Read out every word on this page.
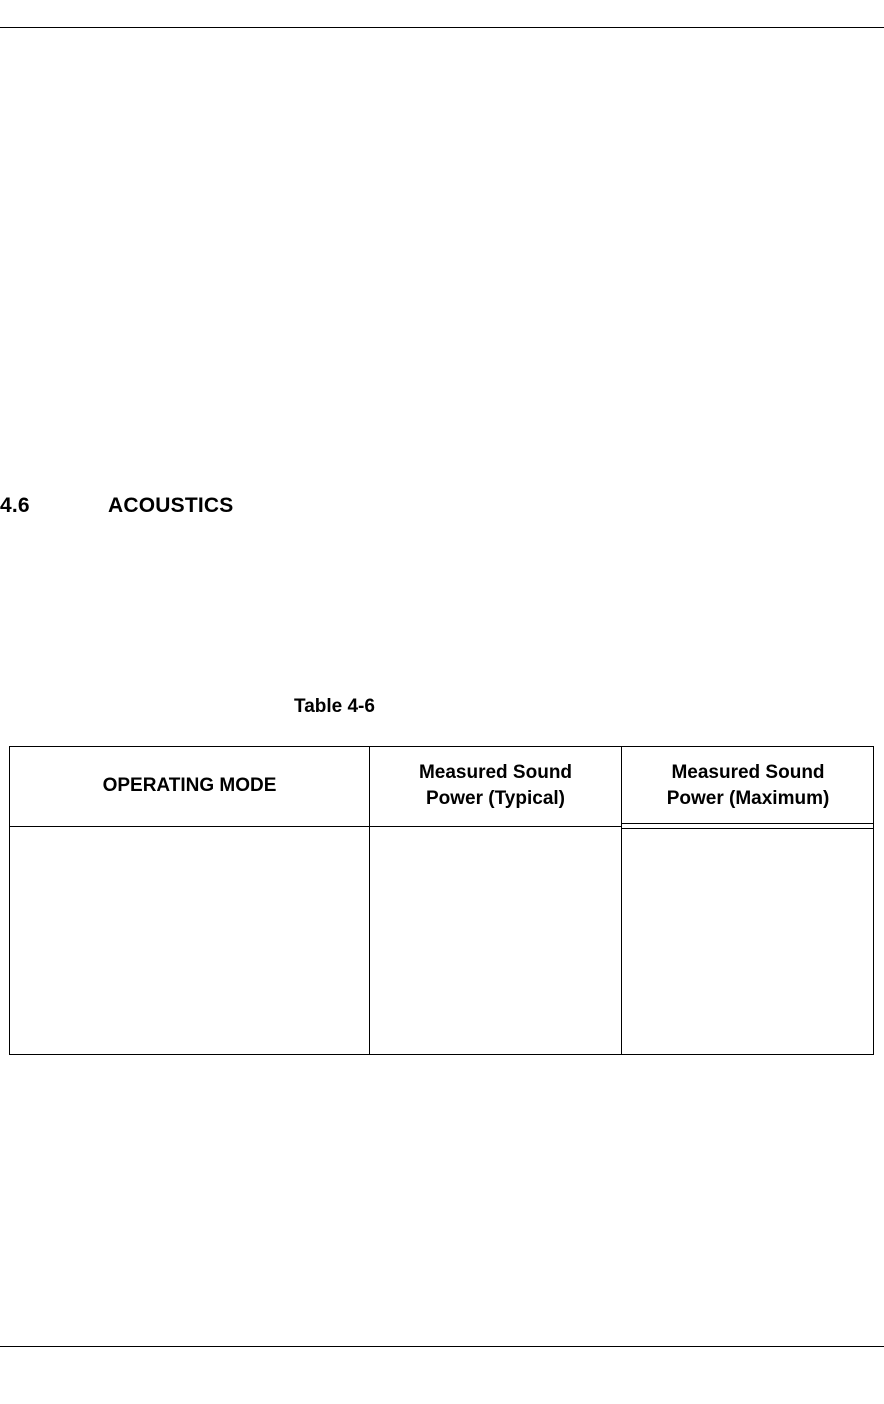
4.6	ACOUSTICS
Table 4-6
OPERATING MODE
Measured Sound
Power (Typical)
Measured Sound
Power (Maximum)
